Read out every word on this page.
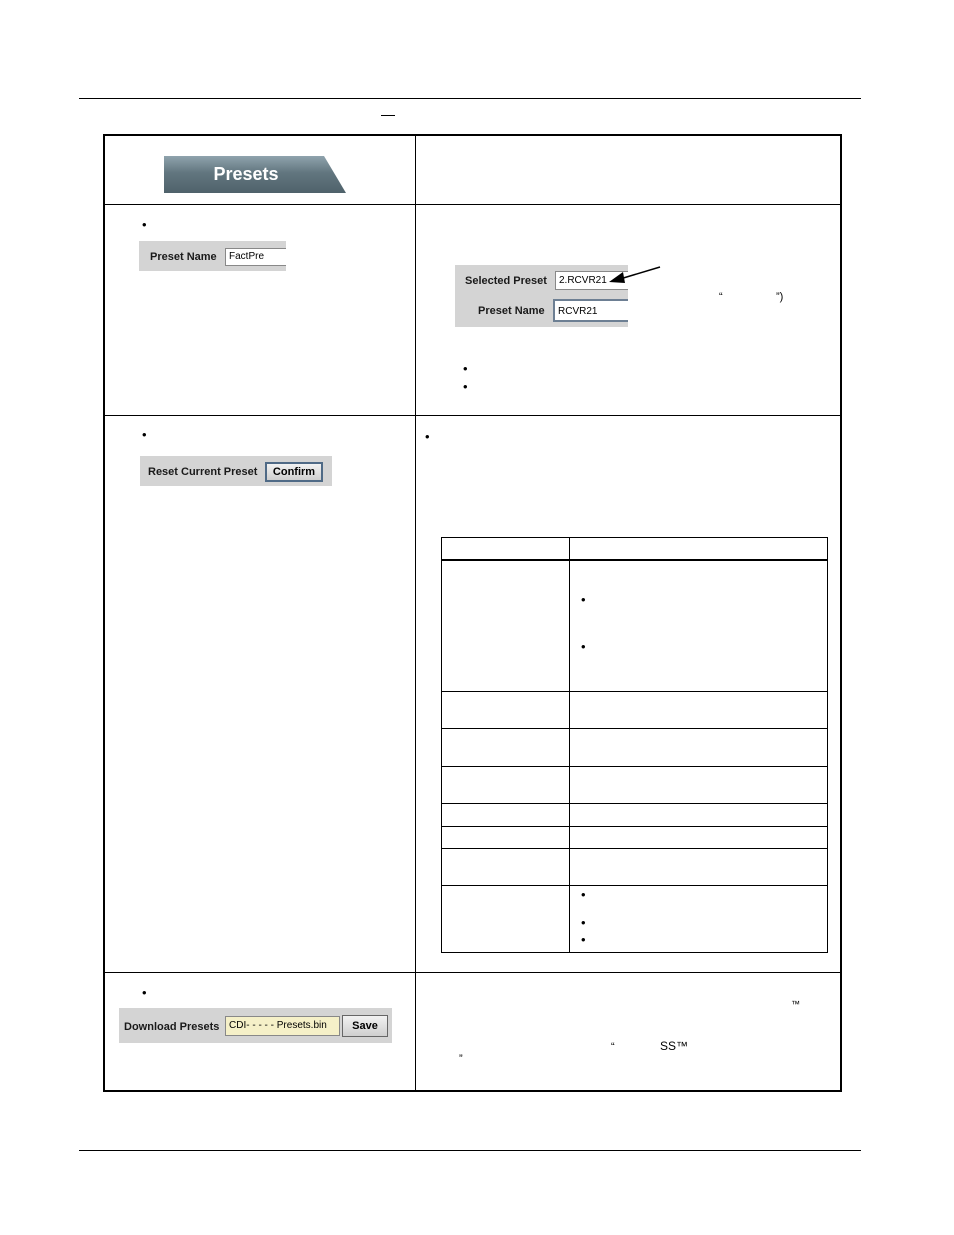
Presets
•
Preset Name	FactPre
Selected Preset	2.RCVR21
Preset Name	RCVR21
“	”)
•
•
•
Reset Current Preset	Confirm
•
•
•
•
•
•
•
Download Presets CDI- - - - - Presets.bin	Save
™
“	SS™
”
